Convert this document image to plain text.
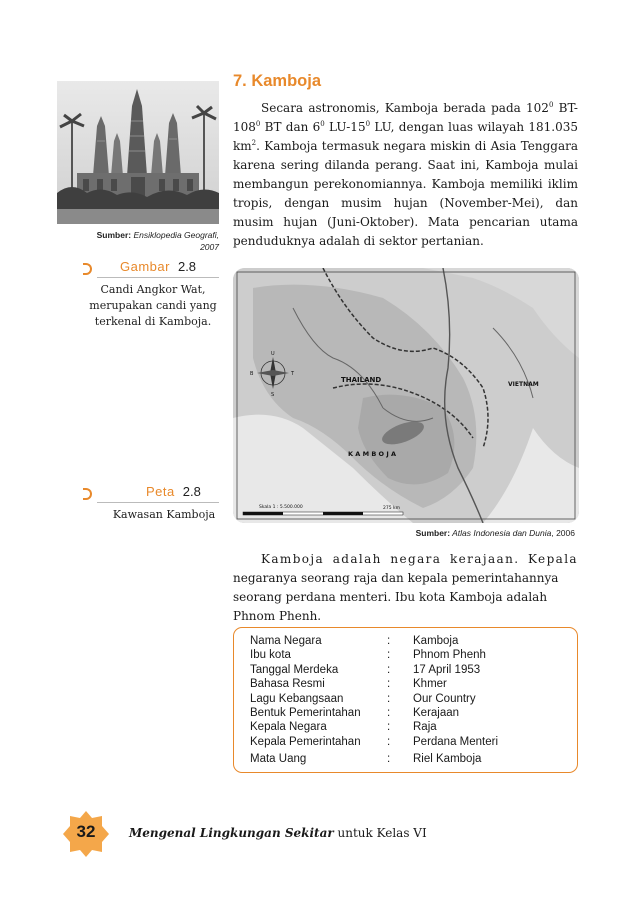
Sumber: Ensiklopedia Geografi,
2007
Gambar 2.8
Candi Angkor Wat,
merupakan candi yang
terkenal di Kamboja.
Peta 2.8
Kawasan Kamboja
7. Kamboja
Secara astronomis, Kamboja berada pada $102^0$ $BT-108^0$ BT dan $6^0$ $LU-15^0$ LU, dengan luas wilayah 181.035 $km^2$. Kamboja termasuk negara miskin di Asia Tenggara karena sering dilanda perang. Saat ini, Kamboja mulai membangun perekonomiannya. Kamboja memiliki iklim tropis, dengan musim hujan (November-Mei), dan musim hujan (Juni-Oktober). Mata pencarian utama penduduknya adalah di sektor pertanian.
THAILAND
VIETNAM
K A M B O J A
U
S
T
B
Skala 1 : 5.500.000	275 km
Sumber: Atlas Indonesia dan Dunia, 2006
Kamboja adalah negara kerajaan. Kepala
negaranya seorang raja dan kepala pemerintahannya seorang perdana menteri. Ibu kota Kamboja adalah Phnom Phenh.
Nama Negara	:	Kamboja
Ibu kota	:	Phnom Phenh
Tanggal Merdeka	:	17 April 1953
Bahasa Resmi	:	Khmer
Lagu Kebangsaan	:	Our Country
Bentuk Pemerintahan	:	Kerajaan
Kepala Negara	:	Raja
Kepala Pemerintahan	:	Perdana Menteri
Mata Uang	:	Riel Kamboja
32	Mengenal Lingkungan Sekitar untuk Kelas VI
